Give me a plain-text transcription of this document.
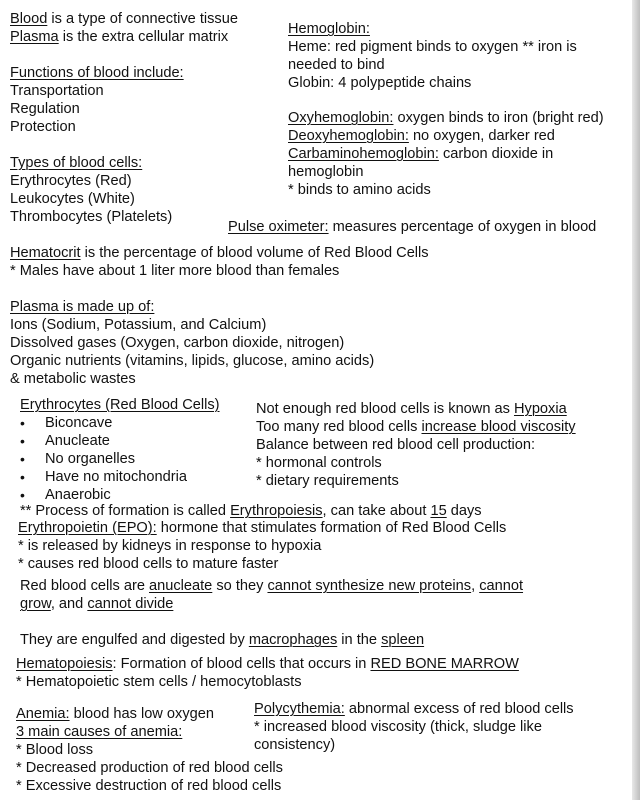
Blood is a type of connective tissue
Plasma is the extra cellular matrix
Functions of blood include:
Transportation
Regulation
Protection
Types of blood cells:
Erythrocytes (Red)
Leukocytes (White)
Thrombocytes (Platelets)
Hemoglobin:
Heme: red pigment binds to oxygen ** iron is
needed to bind
Globin: 4 polypeptide chains
Oxyhemoglobin: oxygen binds to iron (bright red)
Deoxyhemoglobin: no oxygen, darker red
Carbaminohemoglobin: carbon dioxide in
hemoglobin
* binds to amino acids
Pulse oximeter: measures percentage of oxygen in blood
Hematocrit is the percentage of blood volume of Red Blood Cells
* Males have about 1 liter more blood than females
Plasma is made up of:
Ions (Sodium, Potassium, and Calcium)
Dissolved gases (Oxygen, carbon dioxide, nitrogen)
Organic nutrients (vitamins, lipids, glucose, amino acids)
& metabolic wastes
Erythrocytes (Red Blood Cells)
• Biconcave
• Anucleate
• No organelles
• Have no mitochondria
• Anaerobic
Not enough red blood cells is known as Hypoxia
Too many red blood cells increase blood viscosity
Balance between red blood cell production:
* hormonal controls
* dietary requirements
** Process of formation is called Erythropoiesis, can take about 15 days
Erythropoietin (EPO): hormone that stimulates formation of Red Blood Cells
* is released by kidneys in response to hypoxia
* causes red blood cells to mature faster
Red blood cells are anucleate so they cannot synthesize new proteins, cannot
grow, and cannot divide
They are engulfed and digested by macrophages in the spleen
Hematopoiesis: Formation of blood cells that occurs in RED BONE MARROW
* Hematopoietic stem cells / hemocytoblasts
Anemia: blood has low oxygen
3 main causes of anemia:
* Blood loss
* Decreased production of red blood cells
* Excessive destruction of red blood cells
Polycythemia: abnormal excess of red blood cells
* increased blood viscosity (thick, sludge like
consistency)
